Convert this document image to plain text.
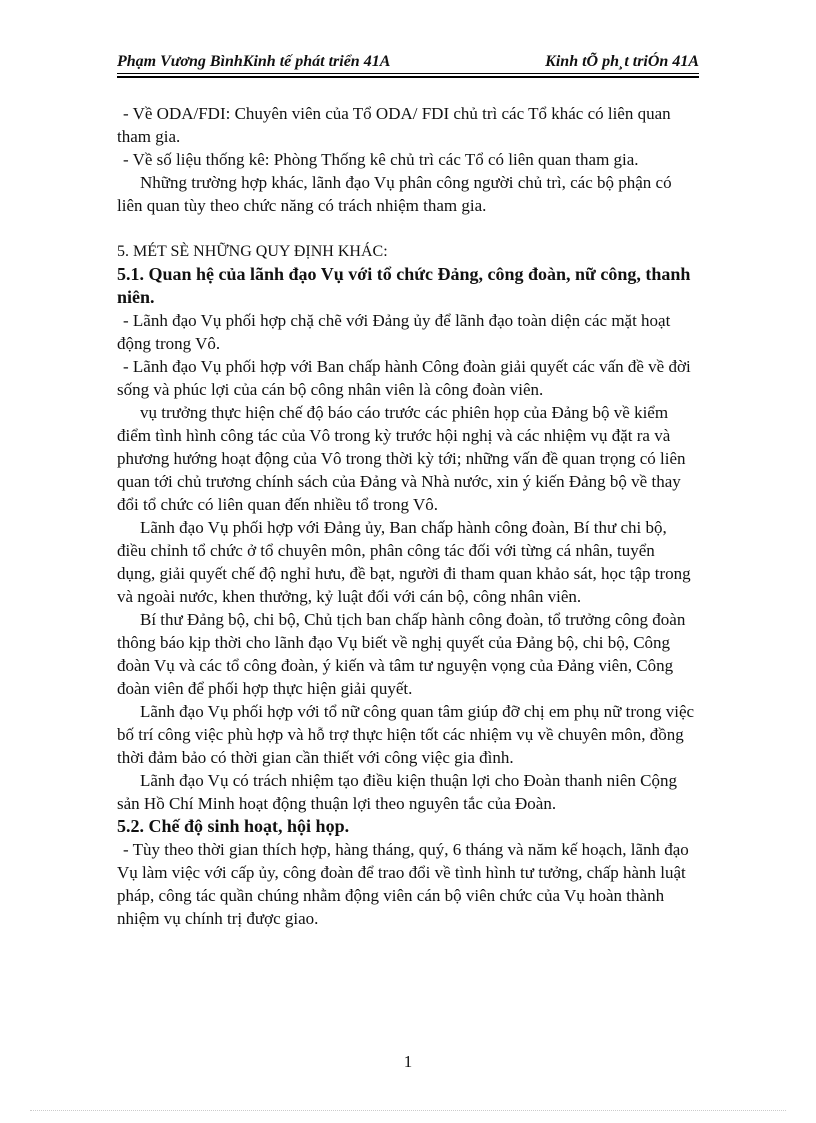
Phạm Vương BìnhKinh tế phát triển 41A	Kinh tÕ ph¸t triÓn 41A

- Về ODA/FDI: Chuyên viên của Tổ ODA/ FDI chủ trì các Tổ khác có liên quan tham gia.

- Về số liệu thống kê: Phòng Thống kê chủ trì các Tổ có liên quan tham gia.

Những trường hợp khác, lãnh đạo Vụ phân công người chủ trì, các bộ phận có liên quan tùy theo chức năng có trách nhiệm tham gia.

5. MÉT SÈ NHỮNG QUY ĐỊNH KHÁC:

5.1. Quan hệ của lãnh đạo Vụ với tổ chức Đảng, công đoàn, nữ công, thanh niên.

- Lãnh đạo Vụ phối hợp chặ chẽ với Đảng ủy để lãnh đạo toàn diện các mặt hoạt động trong Vô.

- Lãnh đạo Vụ phối hợp với Ban chấp hành Công đoàn giải quyết các vấn đề về đời sống và phúc lợi của cán bộ công nhân viên là công đoàn viên.

vụ trưởng thực hiện chế độ báo cáo trước các phiên họp của Đảng bộ về kiểm điểm tình hình công tác của Vô trong kỳ trước hội nghị và các nhiệm vụ đặt ra và phương hướng hoạt động của Vô trong thời kỳ tới; những vấn đề quan trọng có liên quan tới chủ trương chính sách của Đảng và Nhà nước, xin ý kiến Đảng bộ về thay đổi tổ chức có liên quan đến nhiều tổ trong Vô.

Lãnh đạo Vụ phối hợp với Đảng ủy, Ban chấp hành công đoàn, Bí thư chi bộ, điều chỉnh tổ chức ở tổ chuyên môn, phân công tác đối với từng cá nhân, tuyển dụng, giải quyết chế độ nghỉ hưu, đề bạt, người đi tham quan khảo sát, học tập trong và ngoài nước, khen thưởng, kỷ luật đối với cán bộ, công nhân viên.

Bí thư Đảng bộ, chi bộ, Chủ tịch ban chấp hành công đoàn, tổ trưởng công đoàn thông báo kịp thời cho lãnh đạo Vụ biết về nghị quyết của Đảng bộ, chi bộ, Công đoàn Vụ và các tổ công đoàn, ý kiến và tâm tư nguyện vọng của Đảng viên, Công đoàn viên để phối hợp thực hiện giải quyết.

Lãnh đạo Vụ phối hợp với tổ nữ công quan tâm giúp đỡ chị em phụ nữ trong việc bố trí công việc phù hợp và hỗ trợ thực hiện tốt các nhiệm vụ về chuyên môn, đồng thời đảm bảo có thời gian cần thiết với công việc gia đình.

Lãnh đạo Vụ có trách nhiệm tạo điều kiện thuận lợi cho Đoàn thanh niên Cộng sản Hồ Chí Minh hoạt động thuận lợi theo nguyên tắc của Đoàn.

5.2. Chế độ sinh hoạt, hội họp.

- Tùy theo thời gian thích hợp, hàng tháng, quý, 6 tháng và năm kế hoạch, lãnh đạo Vụ làm việc với cấp ủy, công đoàn để trao đổi về tình hình tư tưởng, chấp hành luật pháp, công tác quần chúng nhằm động viên cán bộ viên chức của Vụ hoàn thành nhiệm vụ chính trị được giao.

1
